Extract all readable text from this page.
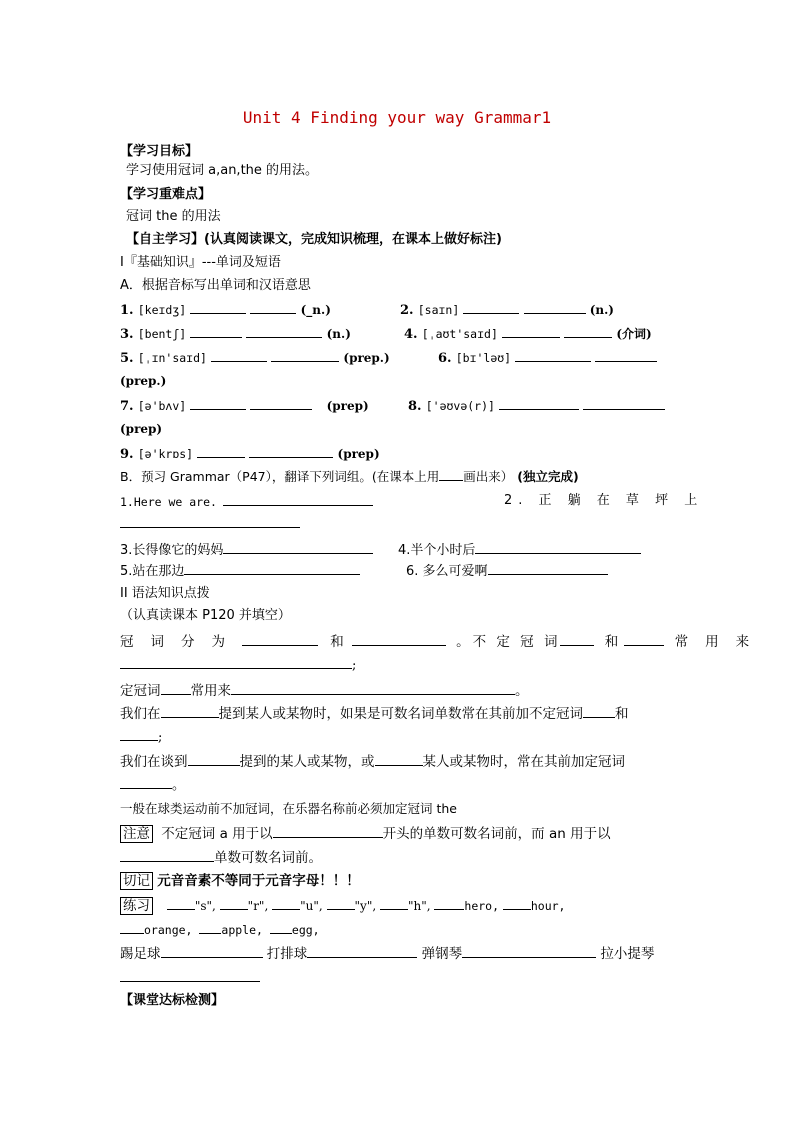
Unit 4 Finding your way Grammar1
【学习目标】
学习使用冠词 a,an,the 的用法。
【学习重难点】
冠词 the 的用法
【自主学习】(认真阅读课文，完成知识梳理，在课本上做好标注)
I『基础知识』---单词及短语
A．根据音标写出单词和汉语意思
1. [keɪdʒ]	(_n.)	2. [saɪn]	(n.)
3. [bentʃ]	(n.)	4. [ˌaʊt'saɪd]	(介词)
5. [ˌɪn'saɪd]	(prep.)	6. [bɪ'ləʊ]
(prep.)
7. [ə'bʌv]	(prep)	8. ['əʊvə(r)]
(prep)
9. [ə'krɒs]	(prep)
B．预习 Grammar（P47），翻译下列词组。(在课本上用 画出来） (独立完成)
1.Here we are.	2. 正 躺 在 草 坪 上
3.长得像它的妈妈	4.半个小时后
5.站在那边	6. 多么可爱啊
II 语法知识点拨
（认真读课本 P120 并填空）
冠 词 分 为	和	。不 定 冠 词	和	常 用 来
;
定冠词 常用来	。
我们在	提到某人或某物时，如果是可数名词单数常在其前加不定冠词 和
;
我们在谈到	提到的某人或某物，或	某人或某物时，常在其前加定冠词
。
一般在球类运动前不加冠词，在乐器名称前必须加定冠词 the
注意 不定冠词 a 用于以	开头的单数可数名词前，而 an 用于以
单数可数名词前。
切记 元音音素不等同于元音字母！！！
练习	"s",	"r",	"u",	"y",	"h",	hero,	hour,
orange,	apple,	egg,
踢足球	打排球	弹钢琴	拉小提琴
【课堂达标检测】
